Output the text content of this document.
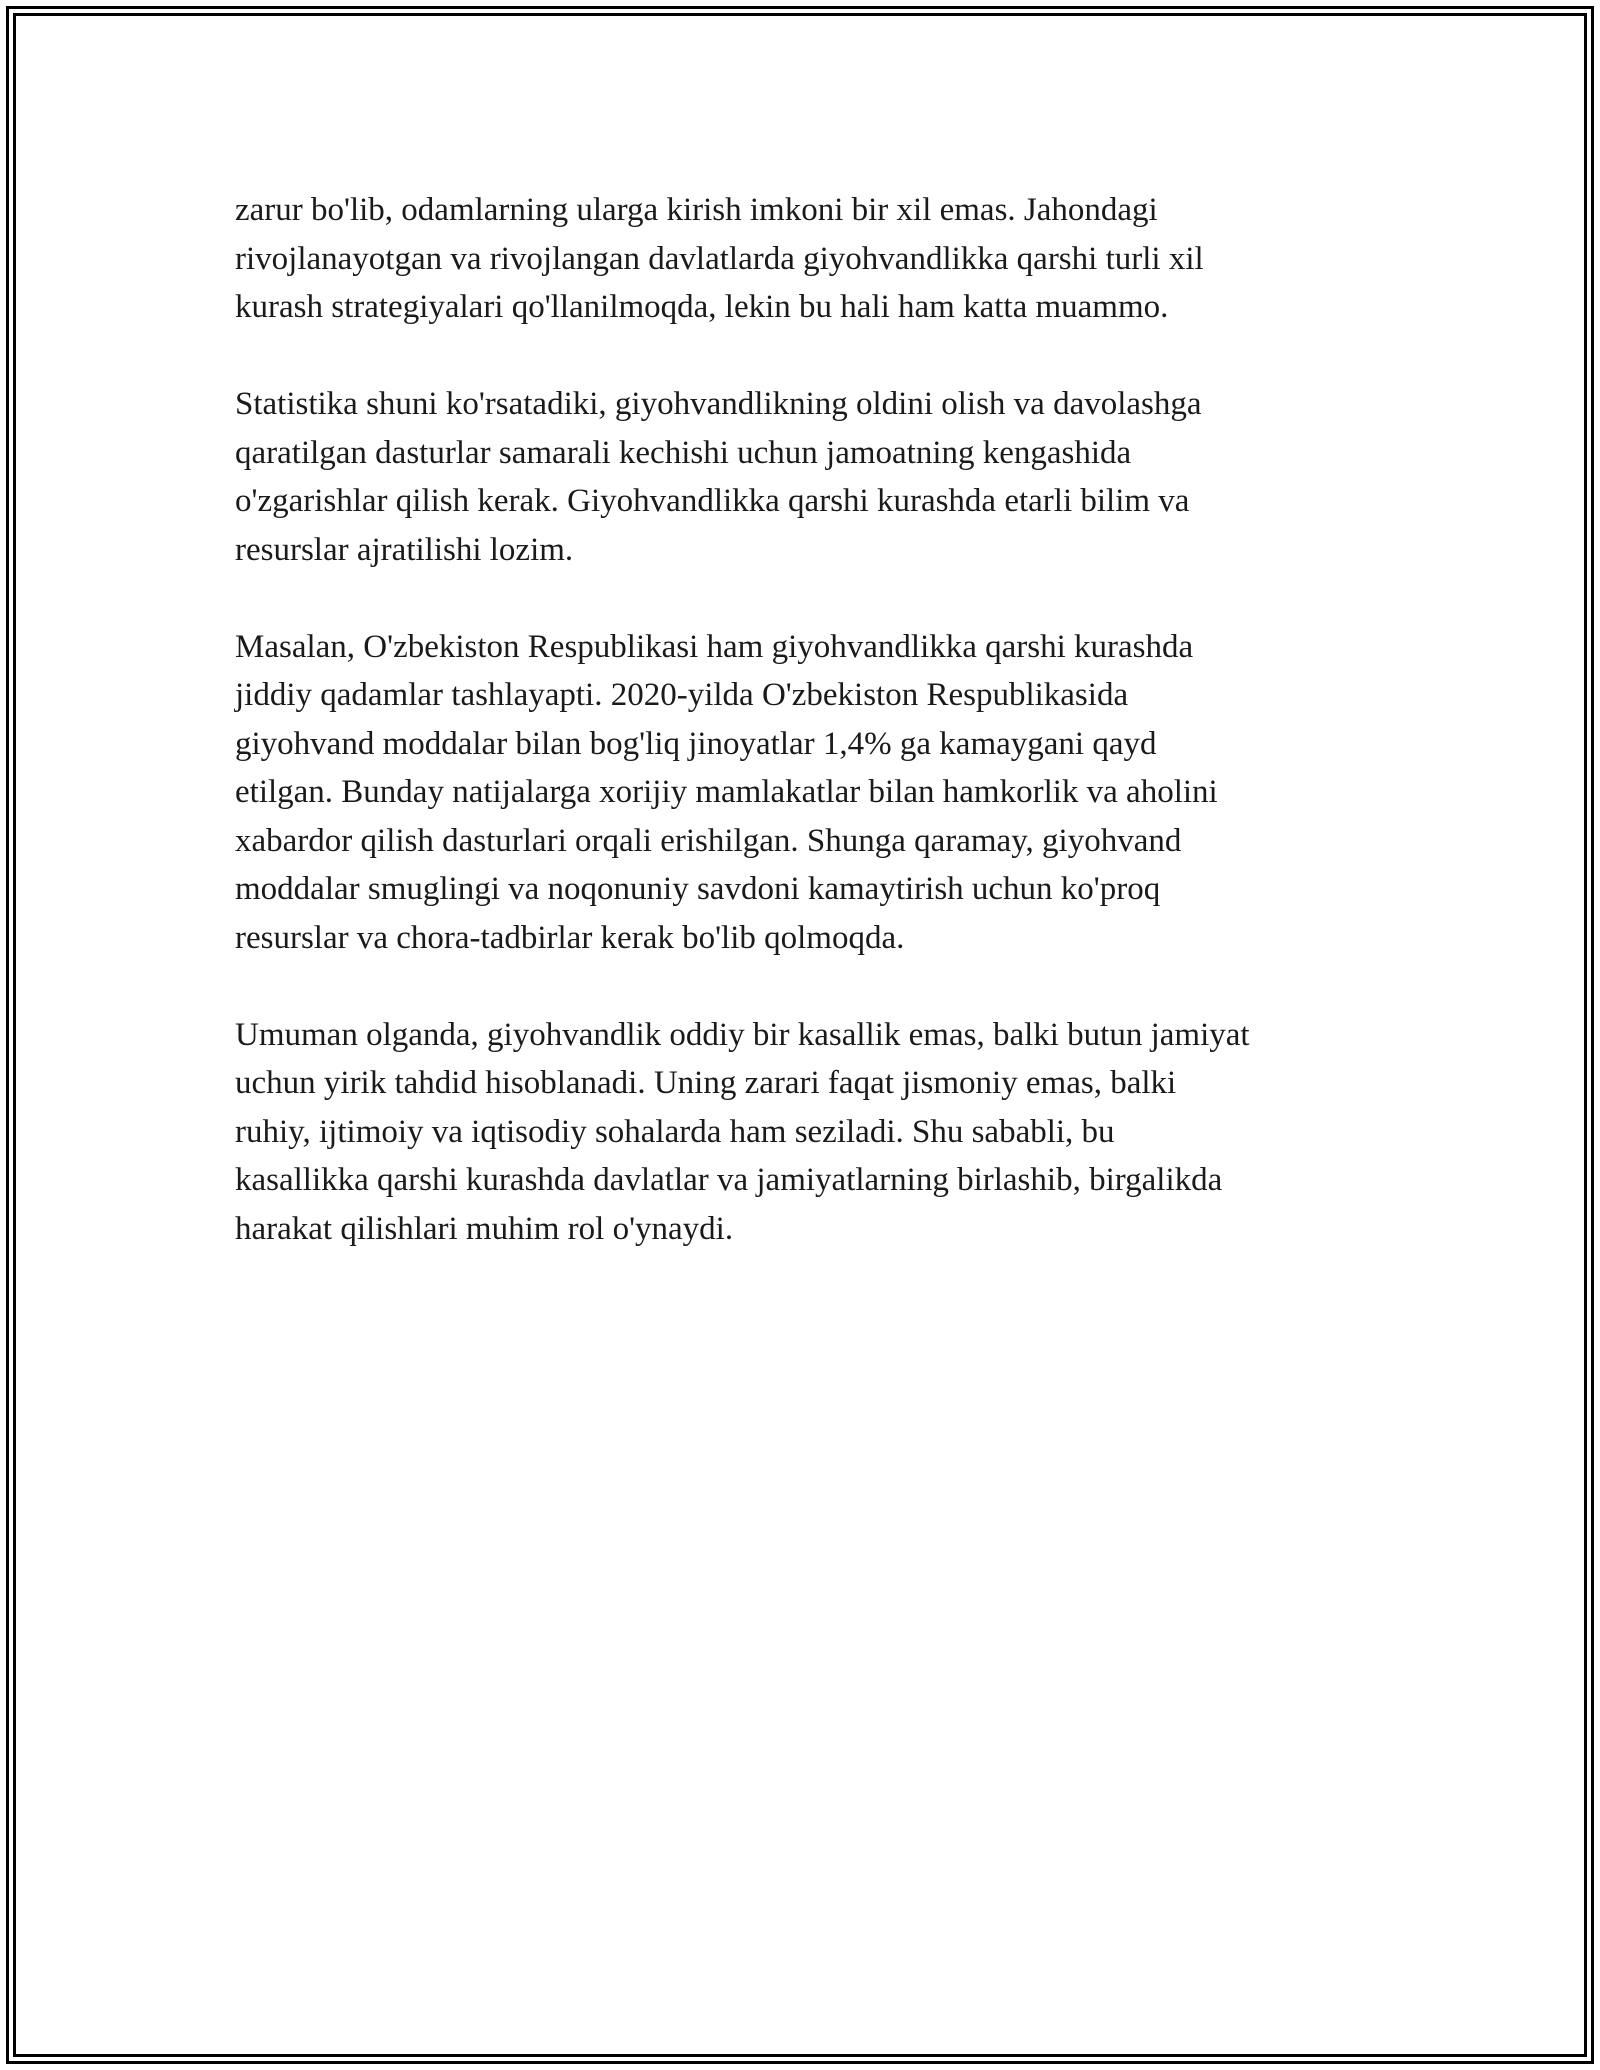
zarur bo'lib, odamlarning ularga kirish imkoni bir xil emas. Jahondagi
rivojlanayotgan va rivojlangan davlatlarda giyohvandlikka qarshi turli xil
kurash strategiyalari qo'llanilmoqda, lekin bu hali ham katta muammo.

Statistika shuni ko'rsatadiki, giyohvandlikning oldini olish va davolashga
qaratilgan dasturlar samarali kechishi uchun jamoatning kengashida
o'zgarishlar qilish kerak. Giyohvandlikka qarshi kurashda etarli bilim va
resurslar ajratilishi lozim.

Masalan, O'zbekiston Respublikasi ham giyohvandlikka qarshi kurashda
jiddiy qadamlar tashlayapti. 2020-yilda O'zbekiston Respublikasida
giyohvand moddalar bilan bog'liq jinoyatlar 1,4% ga kamaygani qayd
etilgan. Bunday natijalarga xorijiy mamlakatlar bilan hamkorlik va aholini
xabardor qilish dasturlari orqali erishilgan. Shunga qaramay, giyohvand
moddalar smuglingi va noqonuniy savdoni kamaytirish uchun ko'proq
resurslar va chora-tadbirlar kerak bo'lib qolmoqda.

Umuman olganda, giyohvandlik oddiy bir kasallik emas, balki butun jamiyat
uchun yirik tahdid hisoblanadi. Uning zarari faqat jismoniy emas, balki
ruhiy, ijtimoiy va iqtisodiy sohalarda ham seziladi. Shu sababli, bu
kasallikka qarshi kurashda davlatlar va jamiyatlarning birlashib, birgalikda
harakat qilishlari muhim rol o'ynaydi.
